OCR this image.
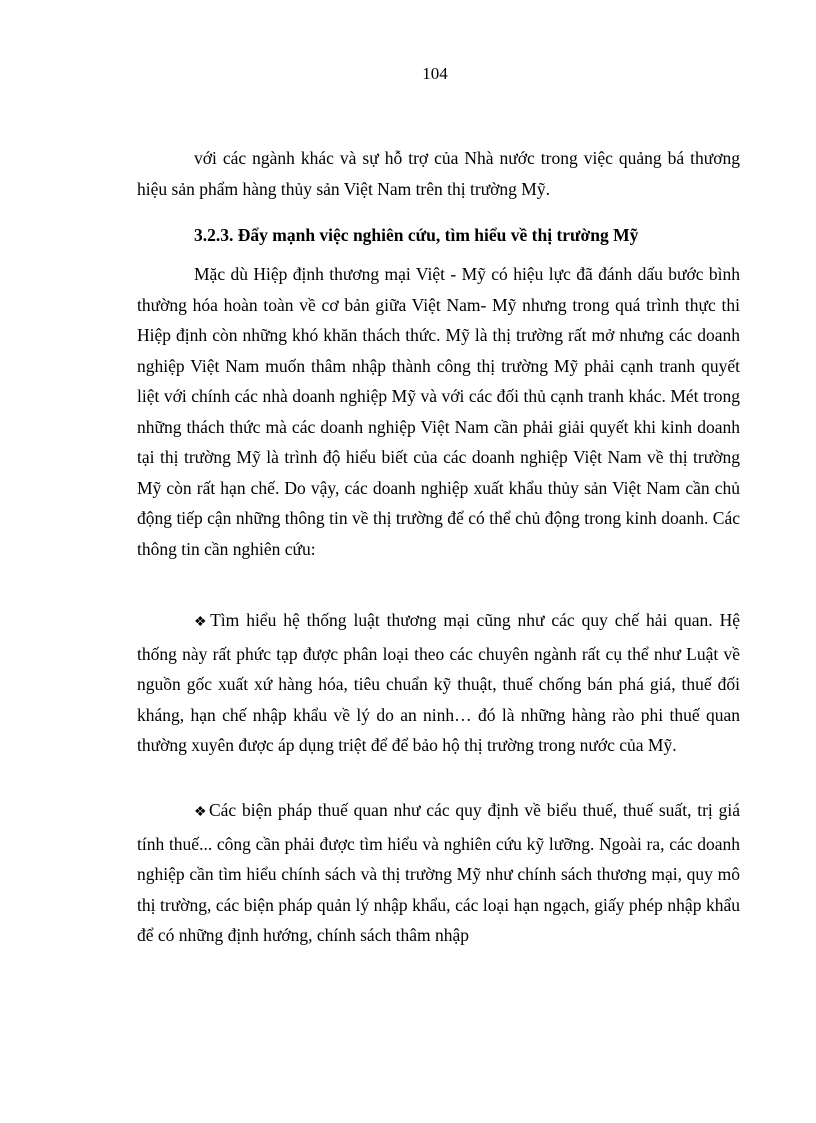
104

với các ngành khác và sự hỗ trợ của Nhà nước trong việc quảng bá thương hiệu sản phẩm hàng thủy sản Việt Nam trên thị trường Mỹ.

3.2.3. Đẩy mạnh việc nghiên cứu, tìm hiểu về thị trường Mỹ

Mặc dù Hiệp định thương mại Việt - Mỹ có hiệu lực đã đánh dấu bước bình thường hóa hoàn toàn về cơ bản giữa Việt Nam- Mỹ nhưng trong quá trình thực thi Hiệp định còn những khó khăn thách thức. Mỹ là thị trường rất mở nhưng các doanh nghiệp Việt Nam muốn thâm nhập thành công thị trường Mỹ phải cạnh tranh quyết liệt với chính các nhà doanh nghiệp Mỹ và với các đối thủ cạnh tranh khác. Mét trong những thách thức mà các doanh nghiệp Việt Nam cần phải giải quyết khi kinh doanh tại thị trường Mỹ là trình độ hiểu biết của các doanh nghiệp Việt Nam về thị trường Mỹ còn rất hạn chế. Do vậy, các doanh nghiệp xuất khẩu thủy sản Việt Nam cần chủ động tiếp cận những thông tin về thị trường để có thể chủ động trong kinh doanh. Các thông tin cần nghiên cứu:

❖Tìm hiểu hệ thống luật thương mại cũng như các quy chế hải quan. Hệ thống này rất phức tạp được phân loại theo các chuyên ngành rất cụ thể như Luật về nguồn gốc xuất xứ hàng hóa, tiêu chuẩn kỹ thuật, thuế chống bán phá giá, thuế đối kháng, hạn chế nhập khẩu về lý do an ninh… đó là những hàng rào phi thuế quan thường xuyên được áp dụng triệt để để bảo hộ thị trường trong nước của Mỹ.

❖Các biện pháp thuế quan như các quy định về biểu thuế, thuế suất, trị giá tính thuế... công cần phải được tìm hiểu và nghiên cứu kỹ lưỡng. Ngoài ra, các doanh nghiệp cần tìm hiểu chính sách và thị trường Mỹ như chính sách thương mại, quy mô thị trường, các biện pháp quản lý nhập khẩu, các loại hạn ngạch, giấy phép nhập khẩu để có những định hướng, chính sách thâm nhập
